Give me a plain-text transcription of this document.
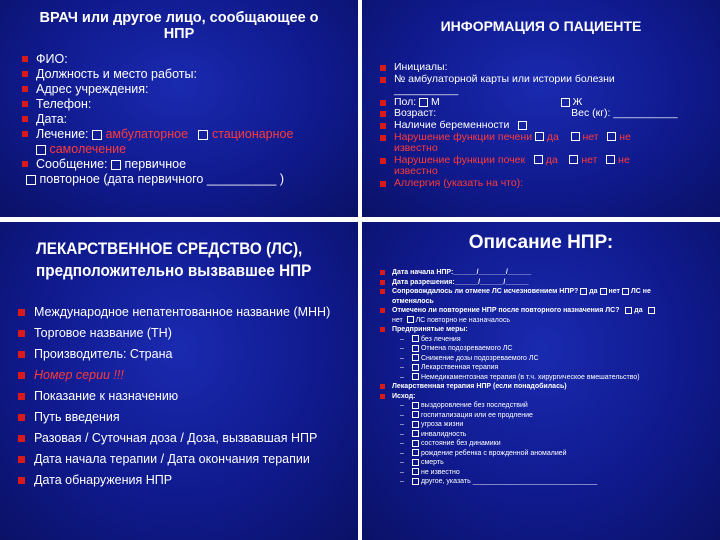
ВРАЧ или другое лицо, сообщающее о
НПР
ФИО:
Должность и место работы:
Адрес учреждения:
Телефон:
Дата:
Лечение: амбулаторное стационарное
самолечение
Сообщение: первичное
повторное (дата первичного __________ )
ИНФОРМАЦИЯ О ПАЦИЕНТЕ
Инициалы:
№ амбулаторной карты или истории болезни
___________
Пол: М	Ж
Возраст:	Вес (кг): ___________
Наличие беременности
Нарушение функции печени да нет не
известно
Нарушение функции почек да нет не
известно
Аллергия (указать на что):
ЛЕКАРСТВЕННОЕ СРЕДСТВО (ЛС),
предположительно вызвавшее НПР
Международное непатентованное название (МНН)
Торговое название (ТН)
Производитель: Страна
Номер серии !!!
Показание к назначению
Путь введения
Разовая / Суточная доза / Доза, вызвавшая НПР
Дата начала терапии / Дата окончания терапии
Дата обнаружения НПР
Описание НПР:
Дата начала НПР:______/_______/______
Дата разрешения:______/______/______
Сопровождалось ли отмене ЛС исчезновением НПР? да нет ЛС не
отменялось
Отмечено ли повторение НПР после повторного назначения ЛС? да
нет ЛС повторно не назначалось
Предпринятые меры:
– без лечения
– Отмена подозреваемого ЛС
– Снижение дозы подозреваемого ЛС
– Лекарственная терапия
– Немедикаментозная терапия (в т.ч. хирургическое вмешательство)
Лекарственная терапия НПР (если понадобилась)
Исход:
– выздоровление без последствий
– госпитализация или ее продление
– угроза жизни
– инвалидность
– состояние без динамики
– рождение ребенка с врожденной аномалией
– смерть
– не известно
– другое, указать ________________________________
